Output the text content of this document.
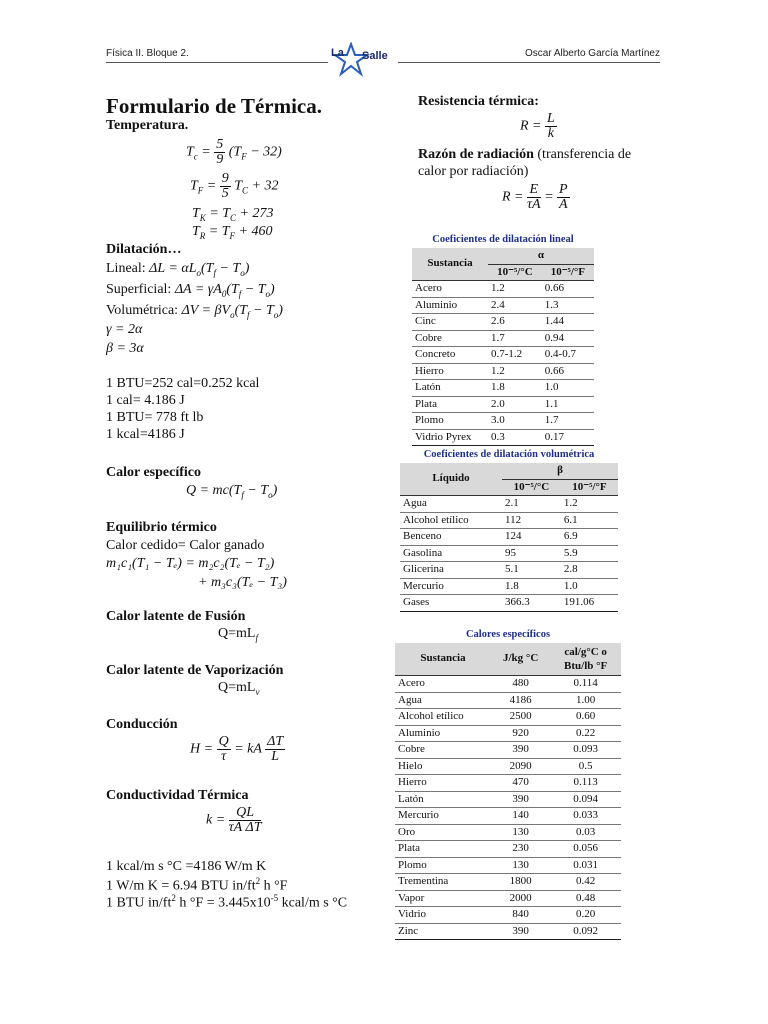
Física II. Bloque 2.	Oscar Alberto García Martínez
La Salle
Formulario de Térmica.
Temperatura.
$T_c = \frac{5}{9} (T_F - 32)$
$T_F = \frac{9}{5} T_C + 32$
$T_K = T_C + 273$
$T_R = T_F + 460$
Dilatación…
Lineal: $\Delta L = \alpha L_o(T_f - T_o)$
Superficial: $\Delta A = \gamma A_0(T_f - T_o)$
Volumétrica: $\Delta V = \beta V_o(T_f - T_o)$
γ = 2α
β = 3α
1 BTU=252 cal=0.252 kcal
1 cal= 4.186 J
1 BTU= 778 ft lb
1 kcal=4186 J
Calor específico
$Q = mc(T_f - T_o)$
Equilibrio térmico
Calor cedido= Calor ganado
m₁c₁(T₁ − Tₑ) = m₂c₂(Tₑ − T₂)
+ m₃c₃(Tₑ − T₃)
Calor latente de Fusión
$Q=mL_f$
Calor latente de Vaporización
$Q=mL_v$
Conducción
$H = \frac{Q}{\tau}$ = kA $\frac{\Delta T}{L}$
Conductividad Térmica
$k = \frac{QL}{\text{τA ΔT}}$
1 kcal/m s °C =4186 W/m K
1 W/m K = 6.94 BTU $in/ft^2$ h °F
1 BTU $in/ft^2$ h $^\circ F = 3.445x10^{-5}$ kcal/m s °C
Resistencia térmica:
$R = \frac{L}{k}$
Razón de radiación (transferencia de
calor por radiación)
$R = \frac{E}{\tau A} = \frac{P}{A}$
Coeficientes de dilatación lineal
Sustancia	α	
	10⁻⁵/°C	10⁻⁵/°F
Acero	1.2	0.66
Aluminio	2.4	1.3
Cinc	2.6	1.44
Cobre	1.7	0.94
Concreto	0.7-1.2	0.4-0.7
Hierro	1.2	0.66
Latón	1.8	1.0
Plata	2.0	1.1
Plomo	3.0	1.7
Vidrio Pyrex	0.3	0.17
Coeficientes de dilatación volumétrica
Líquido	β	
	10⁻⁵/°C	10⁻⁵/°F
Agua	2.1	1.2
Alcohol etílico	112	6.1
Benceno	124	6.9
Gasolina	95	5.9
Glicerina	5.1	2.8
Mercurio	1.8	1.0
Gases	366.3	191.06
Calores específicos
Sustancia	J/kg °C	cal/g°C o
Btu/lb °F
Acero	480	0.114
Agua	4186	1.00
Alcohol etílico	2500	0.60
Aluminio	920	0.22
Cobre	390	0.093
Hielo	2090	0.5
Hierro	470	0.113
Latón	390	0.094
Mercurio	140	0.033
Oro	130	0.03
Plata	230	0.056
Plomo	130	0.031
Trementina	1800	0.42
Vapor	2000	0.48
Vidrio	840	0.20
Zinc	390	0.092
